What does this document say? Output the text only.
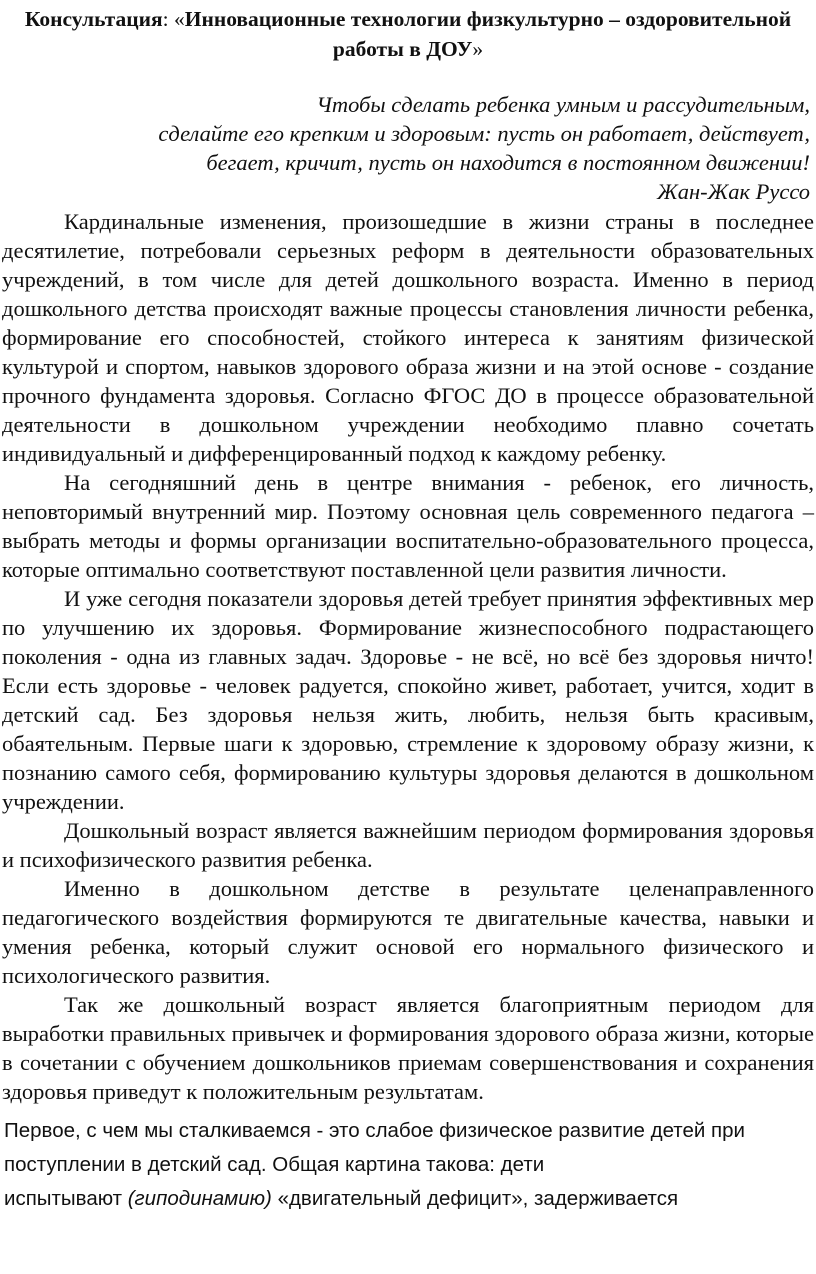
Консультация: «Инновационные технологии физкультурно – оздоровительной работы в ДОУ»
Чтобы сделать ребенка умным и рассудительным,
сделайте его крепким и здоровым: пусть он работает, действует,
бегает, кричит, пусть он находится в постоянном движении!
Жан-Жак Руссо

Кардинальные изменения, произошедшие в жизни страны в последнее десятилетие, потребовали серьезных реформ в деятельности образовательных учреждений, в том числе для детей дошкольного возраста. Именно в период дошкольного детства происходят важные процессы становления личности ребенка, формирование его способностей, стойкого интереса к занятиям физической культурой и спортом, навыков здорового образа жизни и на этой основе - создание прочного фундамента здоровья. Согласно ФГОС ДО в процессе образовательной деятельности в дошкольном учреждении необходимо плавно сочетать индивидуальный и дифференцированный подход к каждому ребенку.

На сегодняшний день в центре внимания - ребенок, его личность, неповторимый внутренний мир. Поэтому основная цель современного педагога – выбрать методы и формы организации воспитательно-образовательного процесса, которые оптимально соответствуют поставленной цели развития личности.

И уже сегодня показатели здоровья детей требует принятия эффективных мер по улучшению их здоровья. Формирование жизнеспособного подрастающего поколения - одна из главных задач. Здоровье - не всё, но всё без здоровья ничто! Если есть здоровье - человек радуется, спокойно живет, работает, учится, ходит в детский сад. Без здоровья нельзя жить, любить, нельзя быть красивым, обаятельным. Первые шаги к здоровью, стремление к здоровому образу жизни, к познанию самого себя, формированию культуры здоровья делаются в дошкольном учреждении.

Дошкольный возраст является важнейшим периодом формирования здоровья и психофизического развития ребенка.

Именно в дошкольном детстве в результате целенаправленного педагогического воздействия формируются те двигательные качества, навыки и умения ребенка, который служит основой его нормального физического и психологического развития.

Так же дошкольный возраст является благоприятным периодом для выработки правильных привычек и формирования здорового образа жизни, которые в сочетании с обучением дошкольников приемам совершенствования и сохранения здоровья приведут к положительным результатам.

Первое, с чем мы сталкиваемся - это слабое физическое развитие детей при
поступлении в детский сад. Общая картина такова: дети
испытывают (гиподинамию) «двигательный дефицит», задерживается
